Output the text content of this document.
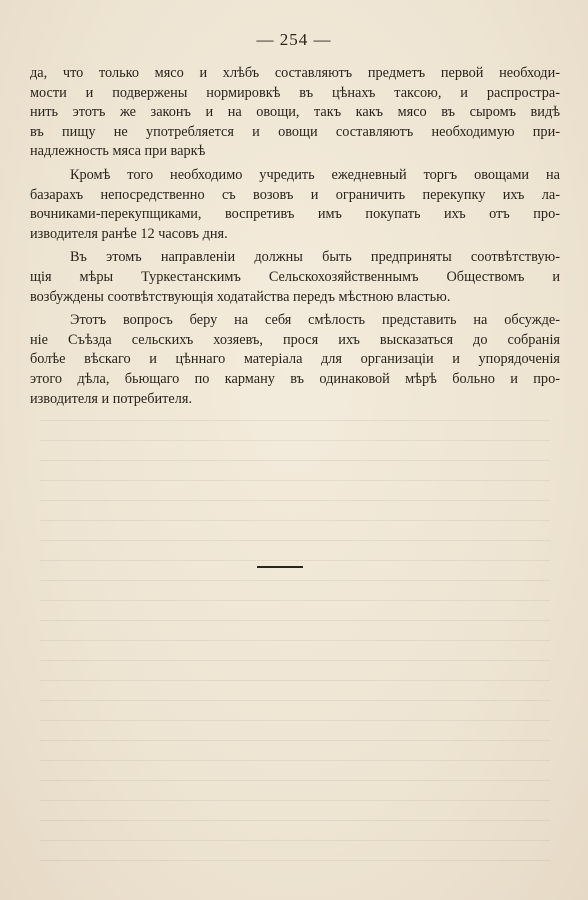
— 254 —
да, что только мясо и хлѣбъ составляютъ предметъ первой необходи-
мости и подвержены нормировкѣ въ цѣнахъ таксою, и распростра-
нить этотъ же законъ и на овощи, такъ какъ мясо въ сыромъ видѣ
въ пищу не употребляется и овощи составляютъ необходимую при-
надлежность мяса при варкѣ
Кромѣ того необходимо учредить ежедневный торгъ овощами на
базарахъ непосредственно съ возовъ и ограничить перекупку ихъ ла-
вочниками-перекупщиками, воспретивъ имъ покупать ихъ отъ про-
изводителя ранѣе 12 часовъ дня.
Въ этомъ направленіи должны быть предприняты соотвѣтствую-
щія мѣры Туркестанскимъ Сельскохозяйственнымъ Обществомъ и
возбуждены соотвѣтствующія ходатайства передъ мѣстною властью.
Этотъ вопросъ беру на себя смѣлость представить на обсужде-
ніе Съѣзда сельскихъ хозяевъ, прося ихъ высказаться до собранія
болѣе вѣскаго и цѣннаго матеріала для организаціи и упорядоченія
этого дѣла, бьющаго по карману въ одинаковой мѣрѣ больно и про-
изводителя и потребителя.
